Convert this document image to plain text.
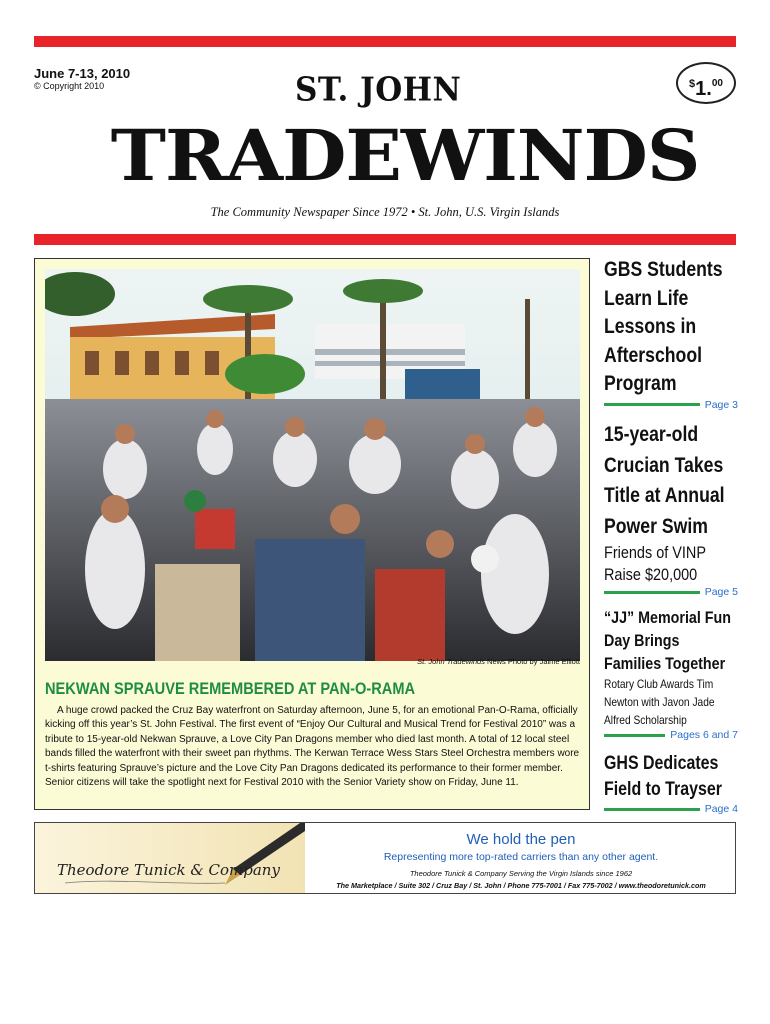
June 7-13, 2010
© Copyright 2010	ST. JOHN	$1.00
TRADEWINDS
The Community Newspaper Since 1972 • St. John, U.S. Virgin Islands
St. John Tradewinds News Photo by Jaime Elliott
NEKWAN SPRAUVE REMEMBERED AT PAN-O-RAMA
A huge crowd packed the Cruz Bay waterfront on Saturday afternoon, June 5, for an emotional Pan-O-Rama, officially kicking off this year’s St. John Festival. The first event of “Enjoy Our Cultural and Musical Trend for Festival 2010” was a tribute to 15-year-old Nekwan Sprauve, a Love City Pan Dragons member who died last month. A total of 12 local steel bands filled the waterfront with their sweet pan rhythms. The Kerwan Terrace Wess Stars Steel Orchestra members wore t-shirts featuring Sprauve’s picture and the Love City Pan Dragons dedicated its performance to their former member. Senior citizens will take the spotlight next for Festival 2010 with the Senior Variety show on Friday, June 11.
GBS Students Learn Life Lessons in Afterschool Program
Page 3
15-year-old Crucian Takes Title at Annual Power Swim
Friends of VINP Raise $20,000
Page 5
“JJ” Memorial Fun Day Brings Families Together
Rotary Club Awards Tim Newton with Javon Jade Alfred Scholarship
Pages 6 and 7
GHS Dedicates Field to Trayser
Page 4
Theodore Tunick & Company
We hold the pen
Representing more top-rated carriers than any other agent.
Theodore Tunick & Company Serving the Virgin Islands since 1962
The Marketplace / Suite 302 / Cruz Bay / St. John / Phone 775-7001 / Fax 775-7002 / www.theodoretunick.com
